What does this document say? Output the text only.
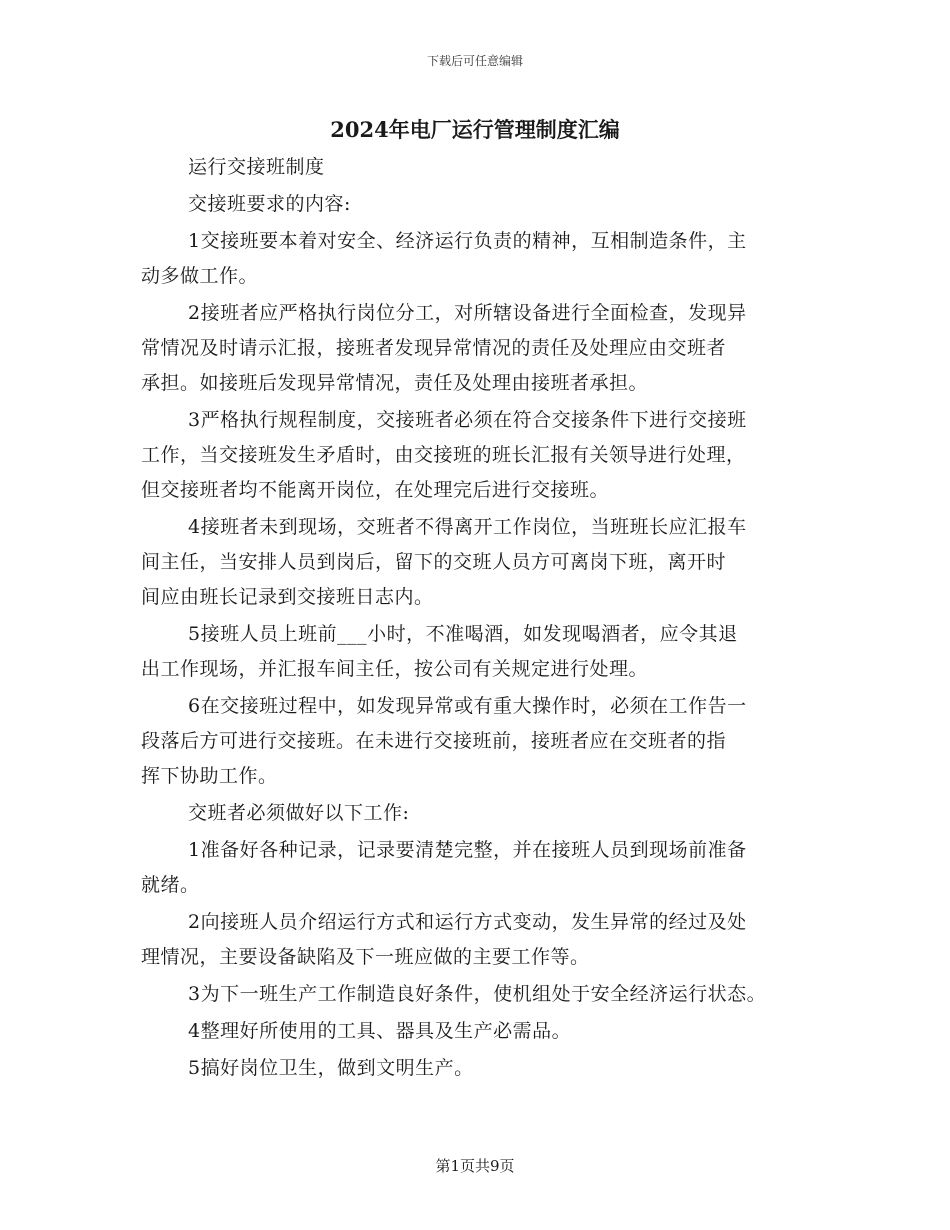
下载后可任意编辑
2024年电厂运行管理制度汇编

运行交接班制度

交接班要求的内容:

1交接班要本着对安全、经济运行负责的精神，互相制造条件，主
动多做工作。

2接班者应严格执行岗位分工，对所辖设备进行全面检查，发现异
常情况及时请示汇报，接班者发现异常情况的责任及处理应由交班者
承担。如接班后发现异常情况，责任及处理由接班者承担。

3严格执行规程制度，交接班者必须在符合交接条件下进行交接班
工作，当交接班发生矛盾时，由交接班的班长汇报有关领导进行处理，
但交接班者均不能离开岗位，在处理完后进行交接班。

4接班者未到现场，交班者不得离开工作岗位，当班班长应汇报车
间主任，当安排人员到岗后，留下的交班人员方可离岗下班，离开时
间应由班长记录到交接班日志内。

5接班人员上班前___小时，不准喝酒，如发现喝酒者，应令其退
出工作现场，并汇报车间主任，按公司有关规定进行处理。

6在交接班过程中，如发现异常或有重大操作时，必须在工作告一
段落后方可进行交接班。在未进行交接班前，接班者应在交班者的指
挥下协助工作。

交班者必须做好以下工作:

1准备好各种记录，记录要清楚完整，并在接班人员到现场前准备
就绪。

2向接班人员介绍运行方式和运行方式变动，发生异常的经过及处
理情况，主要设备缺陷及下一班应做的主要工作等。

3为下一班生产工作制造良好条件，使机组处于安全经济运行状态。

4整理好所使用的工具、器具及生产必需品。

5搞好岗位卫生，做到文明生产。

第1页共9页
